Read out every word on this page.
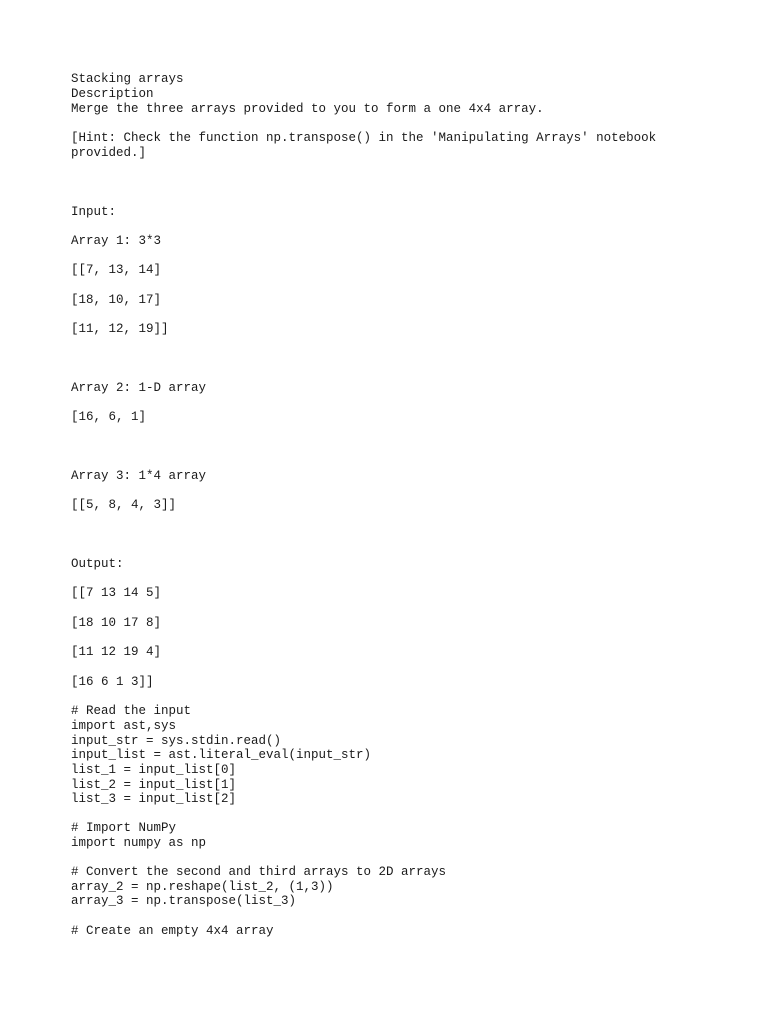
Stacking arrays

Description

Merge the three arrays provided to you to form a one 4x4 array.

[Hint: Check the function np.transpose() in the 'Manipulating Arrays' notebook

provided.]

Input:

Array 1: 3*3

[[7, 13, 14]

[18, 10, 17]

[11, 12, 19]]

Array 2: 1-D array

[16, 6, 1]

Array 3: 1*4 array

[[5, 8, 4, 3]]

Output:

[[7 13 14 5]

[18 10 17 8]

[11 12 19 4]

[16 6 1 3]]

# Read the input

import ast,sys

input_str = sys.stdin.read()

input_list = ast.literal_eval(input_str)

list_1 = input_list[0]

list_2 = input_list[1]

list_3 = input_list[2]

# Import NumPy

import numpy as np

# Convert the second and third arrays to 2D arrays

array_2 = np.reshape(list_2, (1,3))

array_3 = np.transpose(list_3)

# Create an empty 4x4 array
